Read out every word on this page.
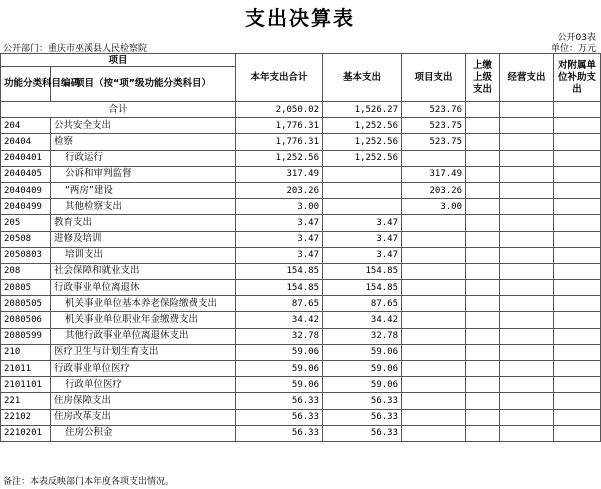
支出决算表
公开03表
公开部门：重庆市巫溪县人民检察院	单位：万元
项目		本年支出合计	基本支出	项目支出	上缴上级支出	经营支出	对附属单位补助支出
功能分类科目编码	项目（按“项”级功能分类科目）						
合计		2,050.02	1,526.27	523.76			
204	公共安全支出	1,776.31	1,252.56	523.75			
20404	检察	1,776.31	1,252.56	523.75			
2040401	行政运行	1,252.56	1,252.56				
2040405	公诉和审判监督	317.49		317.49			
2040409	“两房”建设	203.26		203.26			
2040499	其他检察支出	3.00		3.00			
205	教育支出	3.47	3.47				
20508	进修及培训	3.47	3.47				
2050803	培训支出	3.47	3.47				
208	社会保障和就业支出	154.85	154.85				
20805	行政事业单位离退休	154.85	154.85				
2080505	机关事业单位基本养老保险缴费支出	87.65	87.65				
2080506	机关事业单位职业年金缴费支出	34.42	34.42				
2080599	其他行政事业单位离退休支出	32.78	32.78				
210	医疗卫生与计划生育支出	59.06	59.06				
21011	行政事业单位医疗	59.06	59.06				
2101101	行政单位医疗	59.06	59.06				
221	住房保障支出	56.33	56.33				
22102	住房改革支出	56.33	56.33				
2210201	住房公积金	56.33	56.33				
备注：本表反映部门本年度各项支出情况。
